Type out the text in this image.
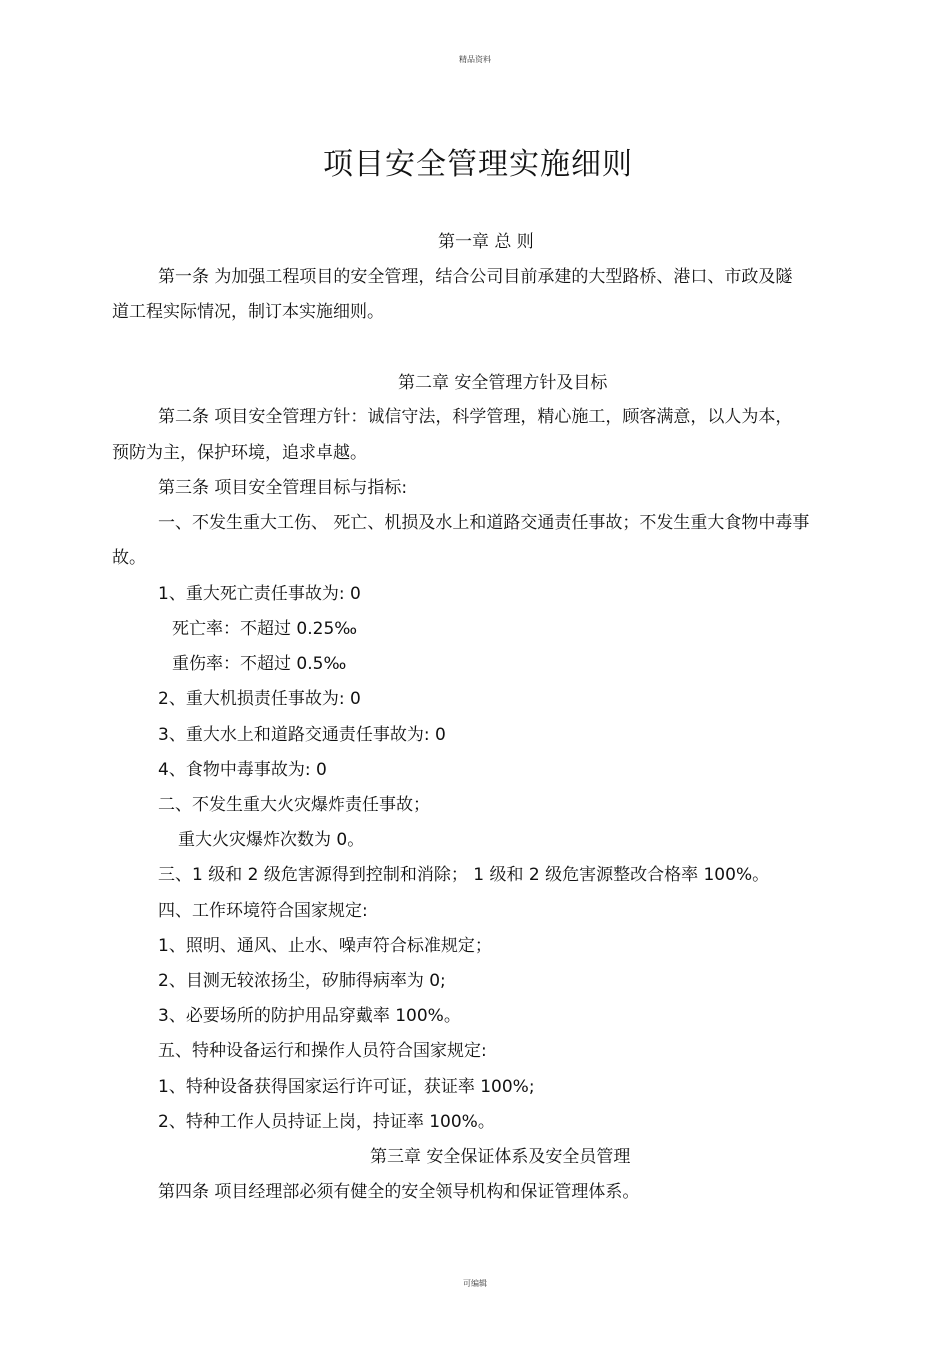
精品资料
项目安全管理实施细则
第一章 总 则
第一条 为加强工程项目的安全管理，结合公司目前承建的大型路桥、港口、市政及隧
道工程实际情况，制订本实施细则。
第二章 安全管理方针及目标
第二条 项目安全管理方针：诚信守法，科学管理，精心施工，顾客满意，以人为本，
预防为主，保护环境，追求卓越。
第三条 项目安全管理目标与指标:
一、不发生重大工伤、 死亡、机损及水上和道路交通责任事故；不发生重大食物中毒事
故。
1、重大死亡责任事故为: 0
死亡率：不超过 0.25‰
重伤率：不超过 0.5‰
2、重大机损责任事故为: 0
3、重大水上和道路交通责任事故为: 0
4、食物中毒事故为: 0
二、不发生重大火灾爆炸责任事故；
重大火灾爆炸次数为 0。
三、1 级和 2 级危害源得到控制和消除； 1 级和 2 级危害源整改合格率 100%。
四、工作环境符合国家规定:
1、照明、通风、止水、噪声符合标准规定；
2、目测无较浓扬尘，矽肺得病率为 0;
3、必要场所的防护用品穿戴率 100%。
五、特种设备运行和操作人员符合国家规定:
1、特种设备获得国家运行许可证，获证率 100%;
2、特种工作人员持证上岗，持证率 100%。
第三章 安全保证体系及安全员管理
第四条 项目经理部必须有健全的安全领导机构和保证管理体系。
可编辑
